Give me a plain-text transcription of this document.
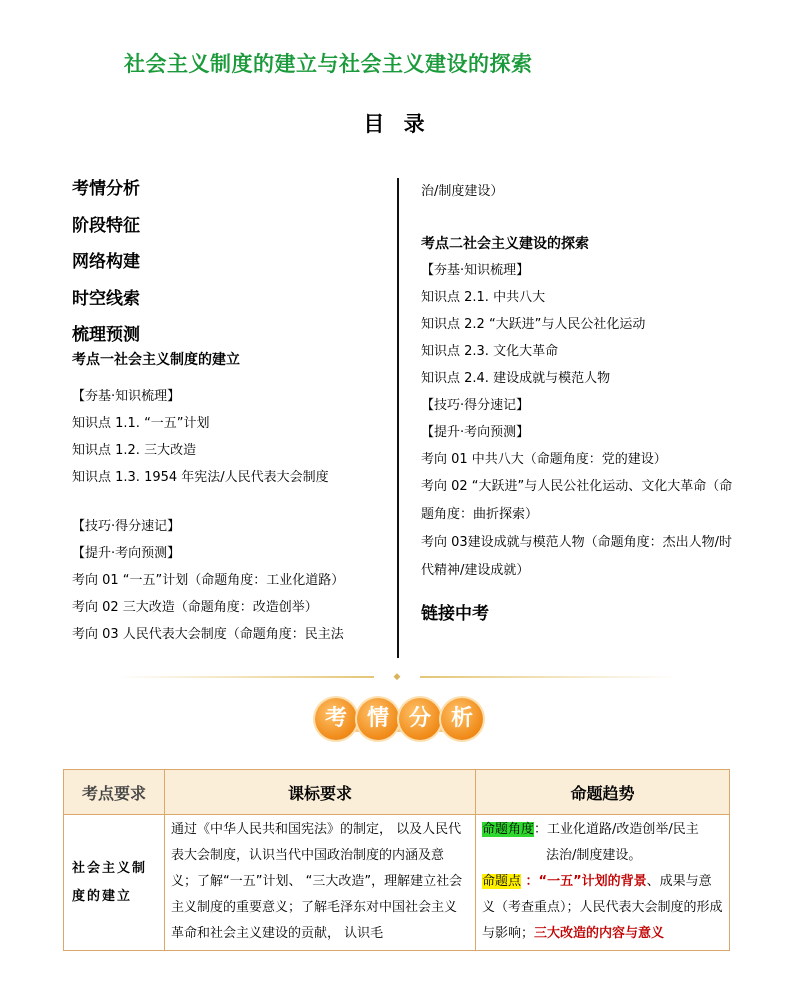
社会主义制度的建立与社会主义建设的探索
目 录
考情分析
阶段特征
网络构建
时空线索
梳理预测
考点一社会主义制度的建立
【夯基·知识梳理】
知识点 1.1. “一五”计划
知识点 1.2. 三大改造
知识点 1.3. 1954 年宪法/人民代表大会制度
【技巧·得分速记】
【提升·考向预测】
考向 01 “一五”计划（命题角度：工业化道路）
考向 02 三大改造（命题角度：改造创举）
考向 03 人民代表大会制度（命题角度：民主法
治/制度建设）
考点二社会主义建设的探索
【夯基·知识梳理】
知识点 2.1. 中共八大
知识点 2.2 “大跃进”与人民公社化运动
知识点 2.3. 文化大革命
知识点 2.4. 建设成就与模范人物
【技巧·得分速记】
【提升·考向预测】
考向 01 中共八大（命题角度：党的建设）
考向 02 “大跃进”与人民公社化运动、文化大革命（命题角度：曲折探索）
考向 03建设成就与模范人物（命题角度：杰出人物/时代精神/建设成就）
链接中考
◆
考 情 分 析
考点要求	课标要求	命题趋势

社会主义制度的建立	通过《中华人民共和国宪法》的制定， 以及人民代表大会制度，认识当代中国政治制度的内涵及意义；了解“一五”计划、 “三大改造”，理解建立社会主义制度的重要意义；了解毛泽东对中国社会主义革命和社会主义建设的贡献， 认识毛	命题角度：工业化道路/改造创举/民主
法治/制度建设。
命题点 ：“一五”计划的背景、成果与意义（考查重点）；人民代表大会制度的形成与影响；三大改造的内容与意义
